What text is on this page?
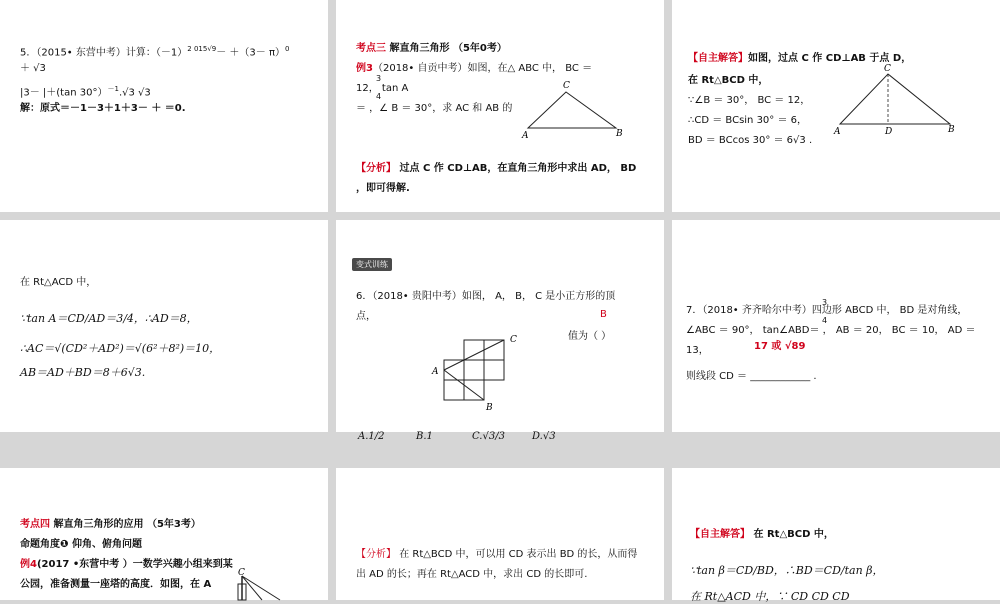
5．（2015• 东营中考）计算：$(-1)^{2 015√9}- +(3- \pi)^0$
＋ √3
|3－ |＋(tan 30°）$^{-1}$.√3 √3
解：原式＝－1－3＋1＋3－ ＋ ＝0.
考点三 解直角三角形 （5年0考）
例3（2018• 自贡中考）如图，在△ ABC 中， BC ＝
3
12， tan A
4
＝ ，∠ B ＝ 30°，求 AC 和 AB 的
A
C
B
【分析】 过点 C 作 CD⊥AB，在直角三角形中求出 AD， BD
，即可得解.
【自主解答】如图，过点 C 作 CD⊥AB 于点 D，
在 Rt△BCD 中，
∵∠B ＝ 30°， BC ＝ 12，
∴CD ＝ BCsin 30° ＝ 6，
BD ＝ BCcos 30° ＝ 6√3 .
A
C
D	B
在 Rt△ACD 中，
∵tan A＝CD/AD＝3/4，∴AD＝8，
∴AC＝√(CD²＋AD²)＝√(6²＋8²)＝10，
AB＝AD＋BD＝8＋6√3.
变式训练
6．（2018• 贵阳中考）如图， A， B， C 是小正方形的顶
点，	B
值为（ ）
C
A
B
A.1/2	B.1	C.√3/3	D.√3
7．（2018• 齐齐哈尔中考）四边形 ABCD 中， BD 是对角线，
3
4
∠ABC ＝ 90°， tan∠ABD＝ ， AB ＝ 20， BC ＝ 10， AD ＝
13，	17 或 √89
则线段 CD ＝ ____________ .
考点四 解直角三角形的应用 （5年3考）
命题角度❶ 仰角、俯角问题
例4(2017 •东营中考 ）一数学兴趣小组来到某
公园，准备测量一座塔的高度．如图，在 A
C
【分析】 在 Rt△BCD 中，可以用 CD 表示出 BD 的长，从而得
出 AD 的长；再在 Rt△ACD 中，求出 CD 的长即可.
【自主解答】 在 Rt△BCD 中，
∵tan β＝CD/BD，∴BD＝CD/tan β，
在 Rt△ACD 中，∵ CD CD CD
